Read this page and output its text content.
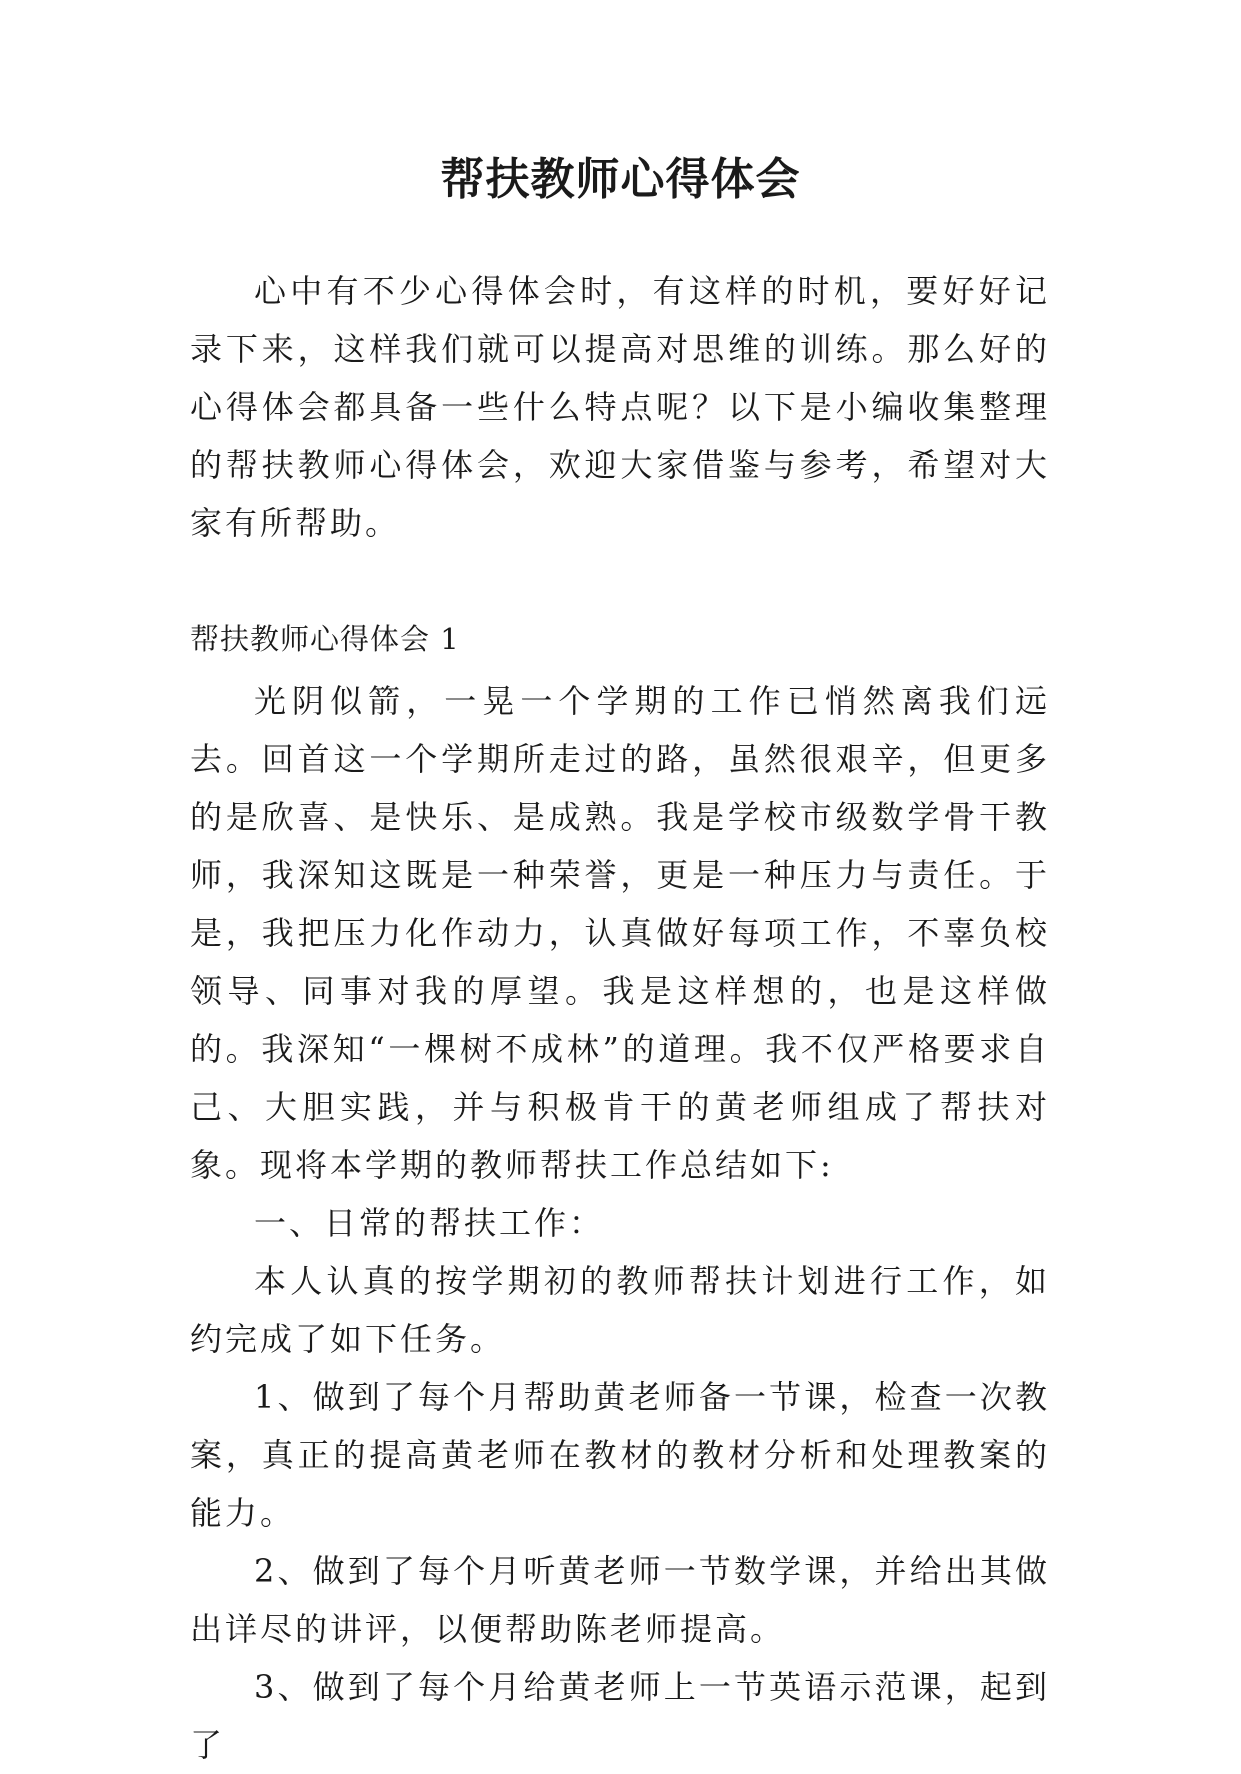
帮扶教师心得体会

心中有不少心得体会时，有这样的时机，要好好记录下来，这样我们就可以提高对思维的训练。那么好的心得体会都具备一些什么特点呢？以下是小编收集整理的帮扶教师心得体会，欢迎大家借鉴与参考，希望对大家有所帮助。

帮扶教师心得体会 1

光阴似箭，一晃一个学期的工作已悄然离我们远去。回首这一个学期所走过的路，虽然很艰辛，但更多的是欣喜、是快乐、是成熟。我是学校市级数学骨干教师，我深知这既是一种荣誉，更是一种压力与责任。于是，我把压力化作动力，认真做好每项工作，不辜负校领导、同事对我的厚望。我是这样想的，也是这样做的。我深知“一棵树不成林”的道理。我不仅严格要求自己、大胆实践，并与积极肯干的黄老师组成了帮扶对象。现将本学期的教师帮扶工作总结如下:

一、日常的帮扶工作：

本人认真的按学期初的教师帮扶计划进行工作，如约完成了如下任务。

1、做到了每个月帮助黄老师备一节课，检查一次教案，真正的提高黄老师在教材的教材分析和处理教案的能力。

2、做到了每个月听黄老师一节数学课，并给出其做出详尽的讲评，以便帮助陈老师提高。

3、做到了每个月给黄老师上一节英语示范课，起到了
